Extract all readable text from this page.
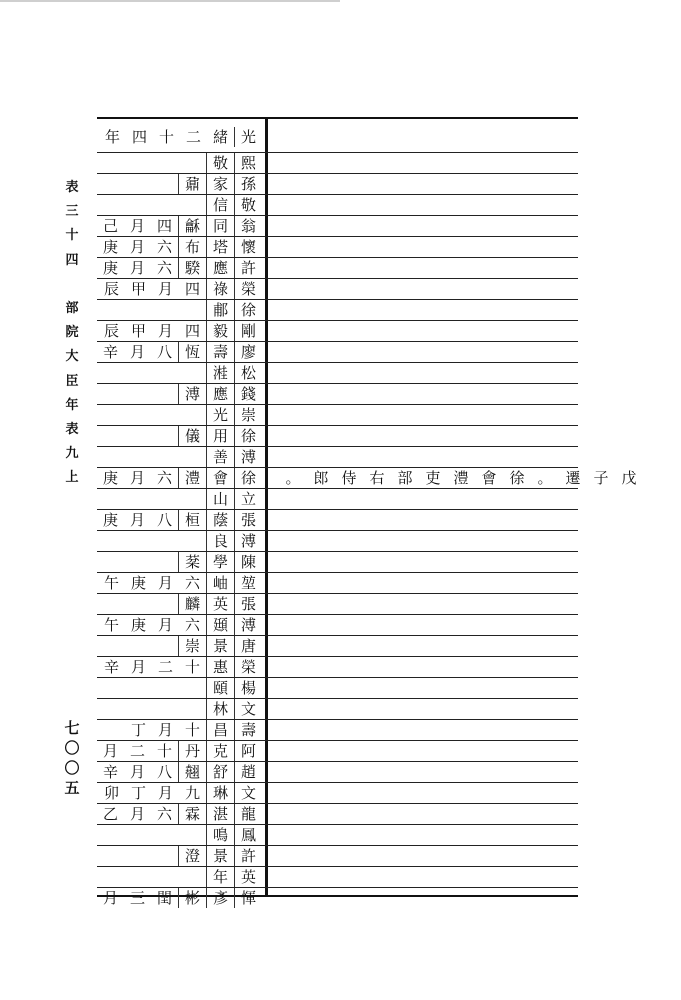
表
三
十
四

部
院
大
臣
年
表
九
上
七
〇
〇
五
年 四 十 二 緒 光
敬 熙
鼐 家 孫
信 敬
己 月 四 龢 同 翁
庚 月 六 布 塔 懷
庚 月 六 騤 應 許
辰 甲 月 四 祿 榮
郙 徐
辰 甲 月 四 毅 剛
辛 月 八 恆 壽 廖
溎 松
溥 應 錢
光 崇
儀 用 徐
善 溥
庚 月 六 澧 會 徐	。 郎 侍 右 部 吏 澧 會 徐 。 遷 子 戊
山 立
庚 月 八 桓 蔭 張
良 溥
棻 學 陳
午 庚 月 六 岫 堃
麟 英 張
午 庚 月 六 頲 溥
崇 景 唐
辛 月 二 十 惠 榮
頤 楊
林 文
丁 月 十 昌 壽
月 二 十 丹 克 阿
辛 月 八 翹 舒 趙
卯 丁 月 九 琳 文
乙 月 六 霖 湛 龍
鳴 鳳
澄 景 許
年 英
月 三 閏 彬 彥 惲
